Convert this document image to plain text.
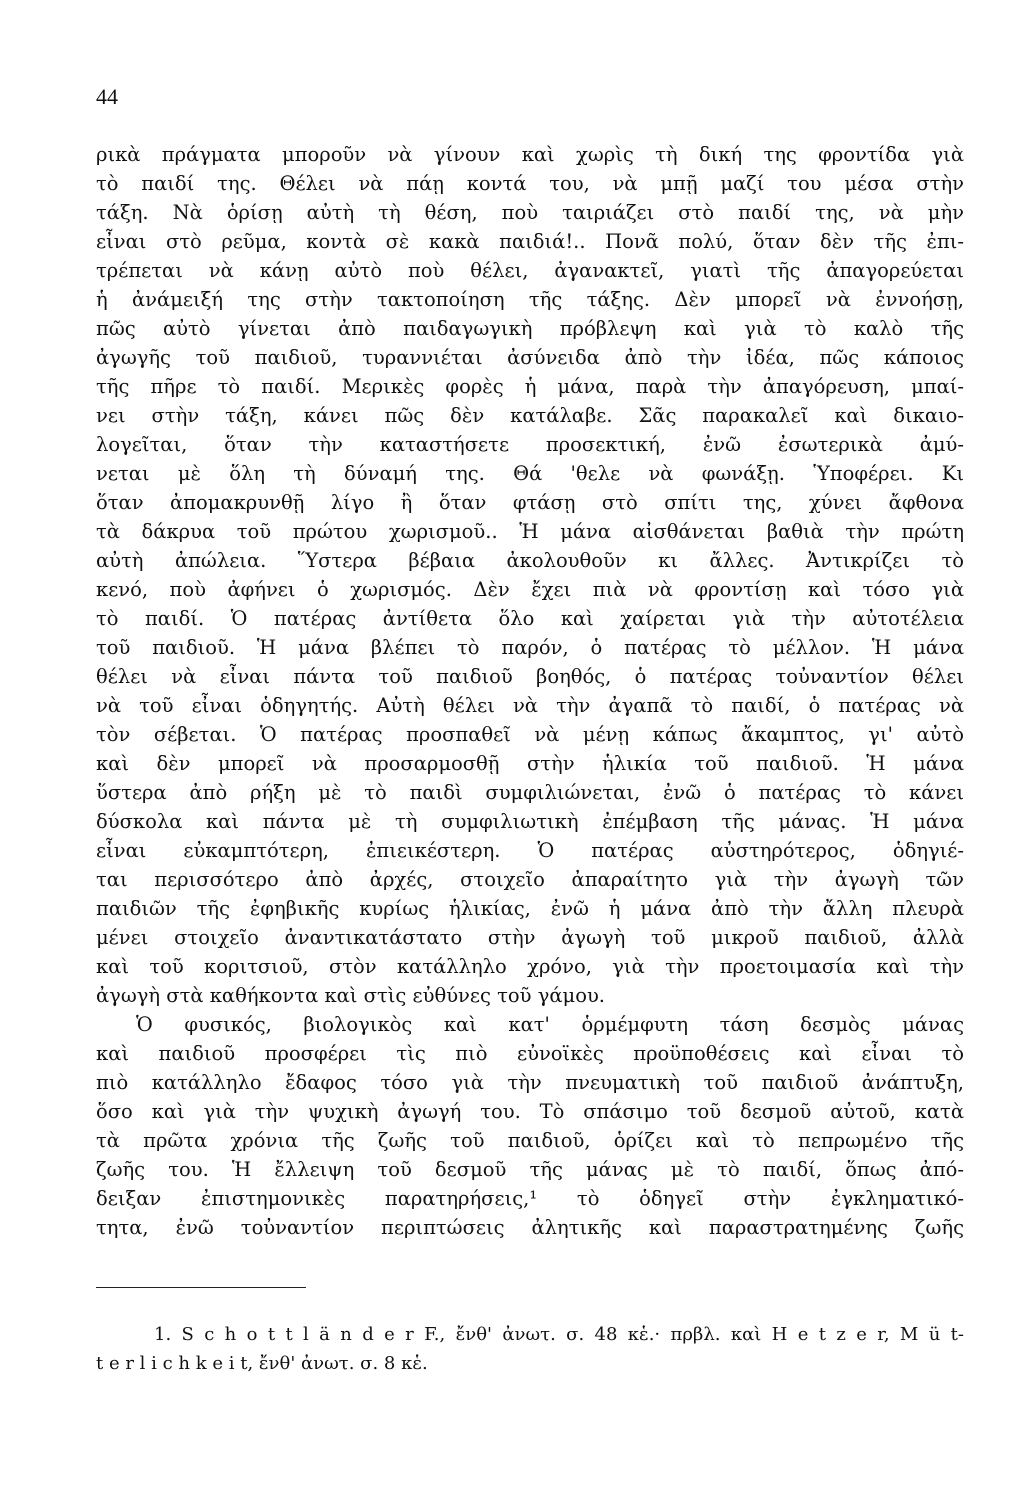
44
ρικὰ πράγματα μποροῦν νὰ γίνουν καὶ χωρὶς τὴ δική της φροντίδα γιὰ
τὸ παιδί της. Θέλει νὰ πάῃ κοντά του, νὰ μπῇ μαζί του μέσα στὴν
τάξη. Νὰ ὁρίσῃ αὐτὴ τὴ θέση, ποὺ ταιριάζει στὸ παιδί της, νὰ μὴν
εἶναι στὸ ρεῦμα, κοντὰ σὲ κακὰ παιδιά!.. Πονᾶ πολύ, ὅταν δὲν τῆς ἐπι-
τρέπεται νὰ κάνῃ αὐτὸ ποὺ θέλει, ἀγανακτεῖ, γιατὶ τῆς ἀπαγορεύεται
ἡ ἀνάμειξή της στὴν τακτοποίηση τῆς τάξης. Δὲν μπορεῖ νὰ ἐννοήσῃ,
πῶς αὐτὸ γίνεται ἀπὸ παιδαγωγικὴ πρόβλεψη καὶ γιὰ τὸ καλὸ τῆς
ἀγωγῆς τοῦ παιδιοῦ, τυραννιέται ἀσύνειδα ἀπὸ τὴν ἰδέα, πῶς κάποιος
τῆς πῆρε τὸ παιδί. Μερικὲς φορὲς ἡ μάνα, παρὰ τὴν ἀπαγόρευση, μπαί-
νει στὴν τάξη, κάνει πῶς δὲν κατάλαβε. Σᾶς παρακαλεῖ καὶ δικαιο-
λογεῖται, ὅταν τὴν καταστήσετε προσεκτική, ἐνῶ ἐσωτερικὰ ἀμύ-
νεται μὲ ὅλη τὴ δύναμή της. Θά 'θελε νὰ φωνάξῃ. Ὑποφέρει. Κι
ὅταν ἀπομακρυνθῇ λίγο ἢ ὅταν φτάσῃ στὸ σπίτι της, χύνει ἄφθονα
τὰ δάκρυα τοῦ πρώτου χωρισμοῦ.. Ἡ μάνα αἰσθάνεται βαθιὰ τὴν πρώτη
αὐτὴ ἀπώλεια. Ὕστερα βέβαια ἀκολουθοῦν κι ἄλλες. Ἀντικρίζει τὸ
κενό, ποὺ ἀφήνει ὁ χωρισμός. Δὲν ἔχει πιὰ νὰ φροντίσῃ καὶ τόσο γιὰ
τὸ παιδί. Ὁ πατέρας ἀντίθετα ὅλο καὶ χαίρεται γιὰ τὴν αὐτοτέλεια
τοῦ παιδιοῦ. Ἡ μάνα βλέπει τὸ παρόν, ὁ πατέρας τὸ μέλλον. Ἡ μάνα
θέλει νὰ εἶναι πάντα τοῦ παιδιοῦ βοηθός, ὁ πατέρας τοὐναντίον θέλει
νὰ τοῦ εἶναι ὁδηγητής. Αὐτὴ θέλει νὰ τὴν ἀγαπᾶ τὸ παιδί, ὁ πατέρας νὰ
τὸν σέβεται. Ὁ πατέρας προσπαθεῖ νὰ μένῃ κάπως ἄκαμπτος, γι' αὐτὸ
καὶ δὲν μπορεῖ νὰ προσαρμοσθῇ στὴν ἡλικία τοῦ παιδιοῦ. Ἡ μάνα
ὕστερα ἀπὸ ρήξη μὲ τὸ παιδὶ συμφιλιώνεται, ἐνῶ ὁ πατέρας τὸ κάνει
δύσκολα καὶ πάντα μὲ τὴ συμφιλιωτικὴ ἐπέμβαση τῆς μάνας. Ἡ μάνα
εἶναι εὐκαμπτότερη, ἐπιεικέστερη. Ὁ πατέρας αὐστηρότερος, ὁδηγιέ-
ται περισσότερο ἀπὸ ἀρχές, στοιχεῖο ἀπαραίτητο γιὰ τὴν ἀγωγὴ τῶν
παιδιῶν τῆς ἐφηβικῆς κυρίως ἡλικίας, ἐνῶ ἡ μάνα ἀπὸ τὴν ἄλλη πλευρὰ
μένει στοιχεῖο ἀναντικατάστατο στὴν ἀγωγὴ τοῦ μικροῦ παιδιοῦ, ἀλλὰ
καὶ τοῦ κοριτσιοῦ, στὸν κατάλληλο χρόνο, γιὰ τὴν προετοιμασία καὶ τὴν
ἀγωγὴ στὰ καθήκοντα καὶ στὶς εὐθύνες τοῦ γάμου.
Ὁ φυσικός, βιολογικὸς καὶ κατ' ὁρμέμφυτη τάση δεσμὸς μάνας
καὶ παιδιοῦ προσφέρει τὶς πιὸ εὐνοϊκὲς προϋποθέσεις καὶ εἶναι τὸ
πιὸ κατάλληλο ἔδαφος τόσο γιὰ τὴν πνευματικὴ τοῦ παιδιοῦ ἀνάπτυξη,
ὅσο καὶ γιὰ τὴν ψυχικὴ ἀγωγή του. Τὸ σπάσιμο τοῦ δεσμοῦ αὐτοῦ, κατὰ
τὰ πρῶτα χρόνια τῆς ζωῆς τοῦ παιδιοῦ, ὁρίζει καὶ τὸ πεπρωμένο τῆς
ζωῆς του. Ἡ ἔλλειψη τοῦ δεσμοῦ τῆς μάνας μὲ τὸ παιδί, ὅπως ἀπό-
δειξαν ἐπιστημονικὲς παρατηρήσεις,¹ τὸ ὁδηγεῖ στὴν ἐγκληματικό-
τητα, ἐνῶ τοὐναντίον περιπτώσεις ἀλητικῆς καὶ παραστρατημένης ζωῆς
1. S c h o t t l ä n d e r F., ἔνθ' ἀνωτ. σ. 48 κἑ.· πρβλ. καὶ H e t z e r, M ü t-
t e r l i c h k e i t, ἔνθ' ἀνωτ. σ. 8 κἑ.
